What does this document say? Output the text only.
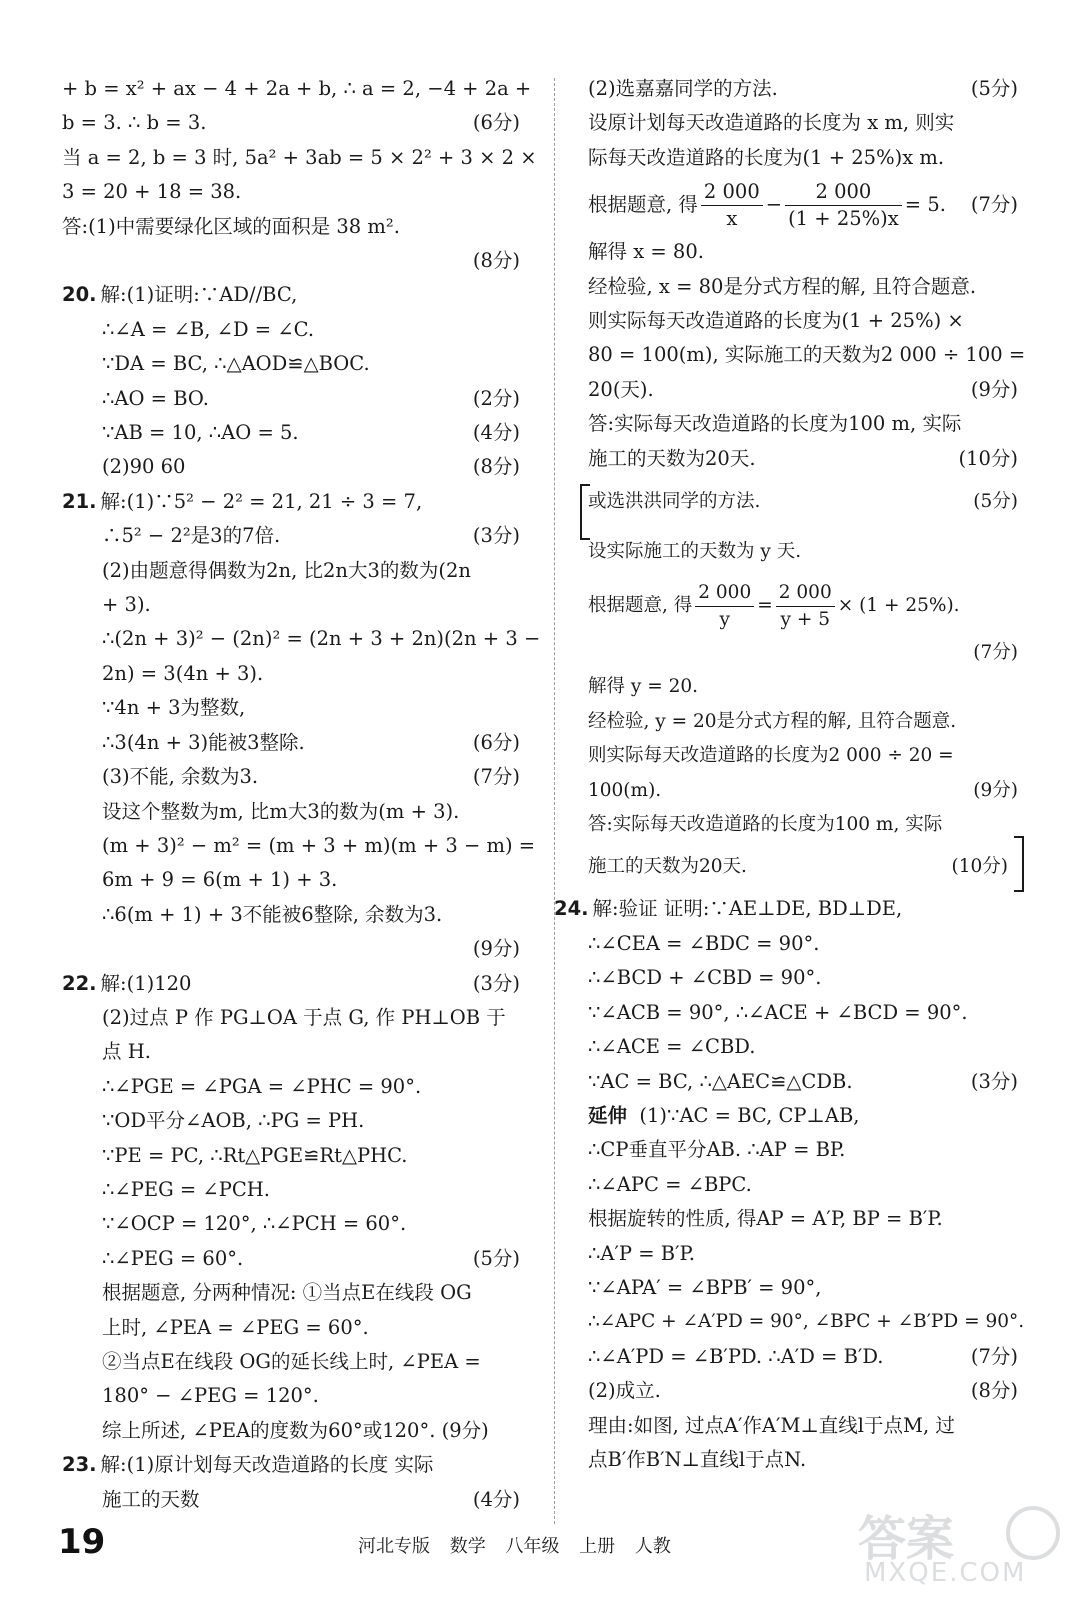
+ b = x² + ax − 4 + 2a + b, ∴ a = 2, −4 + 2a +
b = 3. ∴ b = 3.	(6分)
当 a = 2, b = 3 时, 5a² + 3ab = 5 × 2² + 3 × 2 ×
3 = 20 + 18 = 38.
答:(1)中需要绿化区域的面积是 38 m².
(8分)
20. 解:(1)证明:∵AD//BC,
∴∠A = ∠B, ∠D = ∠C.
∵DA = BC, ∴△AOD≌△BOC.
∴AO = BO.	(2分)
∵AB = 10, ∴AO = 5.	(4分)
(2)90 60	(8分)
21. 解:(1)∵5² − 2² = 21, 21 ÷ 3 = 7,
∴5² − 2²是3的7倍.	(3分)
(2)由题意得偶数为2n, 比2n大3的数为(2n
+ 3).
∴(2n + 3)² − (2n)² = (2n + 3 + 2n)(2n + 3 −
2n) = 3(4n + 3).
∵4n + 3为整数,
∴3(4n + 3)能被3整除.	(6分)
(3)不能, 余数为3.	(7分)
设这个整数为m, 比m大3的数为(m + 3).
(m + 3)² − m² = (m + 3 + m)(m + 3 − m) =
6m + 9 = 6(m + 1) + 3.
∴6(m + 1) + 3不能被6整除, 余数为3.
(9分)
22. 解:(1)120	(3分)
(2)过点 P 作 PG⊥OA 于点 G, 作 PH⊥OB 于
点 H.
∴∠PGE = ∠PGA = ∠PHC = 90°.
∵OD平分∠AOB, ∴PG = PH.
∵PE = PC, ∴Rt△PGE≌Rt△PHC.
∴∠PEG = ∠PCH.
∵∠OCP = 120°, ∴∠PCH = 60°.
∴∠PEG = 60°.	(5分)
根据题意, 分两种情况: ①当点E在线段 OG
上时, ∠PEA = ∠PEG = 60°.
②当点E在线段 OG的延长线上时, ∠PEA =
180° − ∠PEG = 120°.
综上所述, ∠PEA的度数为60°或120°. (9分)
23. 解:(1)原计划每天改造道路的长度 实际
施工的天数	(4分)
(2)选嘉嘉同学的方法.	(5分)
设原计划每天改造道路的长度为 x m, 则实
际每天改造道路的长度为(1 + 25%)x m.
根据题意, 得 $\frac{2 000}{x} - \frac{2 000}{(1 + 25\%)x} = 5$. (7分)
解得 x = 80.
经检验, x = 80是分式方程的解, 且符合题意.
则实际每天改造道路的长度为(1 + 25%) ×
80 = 100(m), 实际施工的天数为2 000 ÷ 100 =
20(天).	(9分)
答:实际每天改造道路的长度为100 m, 实际
施工的天数为20天.	(10分)
或选洪洪同学的方法.	(5分)
设实际施工的天数为 y 天.
根据题意, 得 $\frac{2 000}{y} = \frac{2 000}{y + 5} \times (1 + 25\%)$.
(7分)
解得 y = 20.
经检验, y = 20是分式方程的解, 且符合题意.
则实际每天改造道路的长度为2 000 ÷ 20 =
100(m).	(9分)
答:实际每天改造道路的长度为100 m, 实际
施工的天数为20天.	(10分)
24. 解:验证 证明:∵AE⊥DE, BD⊥DE,
∴∠CEA = ∠BDC = 90°.
∴∠BCD + ∠CBD = 90°.
∵∠ACB = 90°, ∴∠ACE + ∠BCD = 90°.
∴∠ACE = ∠CBD.
∵AC = BC, ∴△AEC≌△CDB.	(3分)
延伸 (1)∵AC = BC, CP⊥AB,
∴CP垂直平分AB. ∴AP = BP.
∴∠APC = ∠BPC.
根据旋转的性质, 得AP = A′P, BP = B′P.
∴A′P = B′P.
∵∠APA′ = ∠BPB′ = 90°,
∴∠APC + ∠A′PD = 90°, ∠BPC + ∠B′PD = 90°.
∴∠A′PD = ∠B′PD. ∴A′D = B′D.	(7分)
(2)成立.	(8分)
理由:如图, 过点A′作A′M⊥直线l于点M, 过
点B′作B′N⊥直线l于点N.
19	河北专版 数学 八年级 上册 人教	答案
MXQE.COM
